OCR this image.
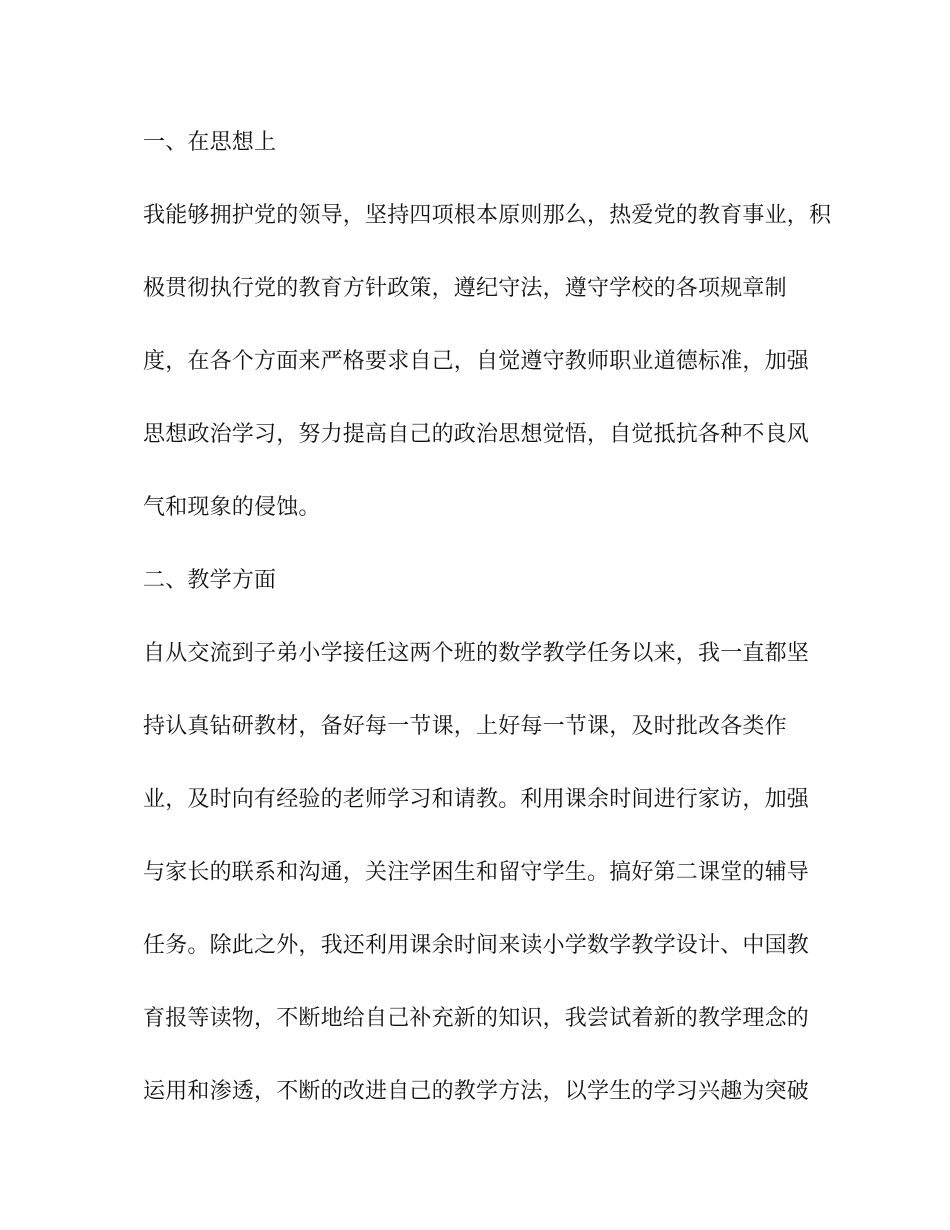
一、在思想上
我能够拥护党的领导，坚持四项根本原则那么，热爱党的教育事业，积
极贯彻执行党的教育方针政策，遵纪守法，遵守学校的各项规章制
度，在各个方面来严格要求自己，自觉遵守教师职业道德标准，加强
思想政治学习，努力提高自己的政治思想觉悟，自觉抵抗各种不良风
气和现象的侵蚀。
二、教学方面
自从交流到子弟小学接任这两个班的数学教学任务以来，我一直都坚
持认真钻研教材，备好每一节课，上好每一节课，及时批改各类作
业，及时向有经验的老师学习和请教。利用课余时间进行家访，加强
与家长的联系和沟通，关注学困生和留守学生。搞好第二课堂的辅导
任务。除此之外，我还利用课余时间来读小学数学教学设计、中国教
育报等读物，不断地给自己补充新的知识，我尝试着新的教学理念的
运用和渗透，不断的改进自己的教学方法，以学生的学习兴趣为突破
